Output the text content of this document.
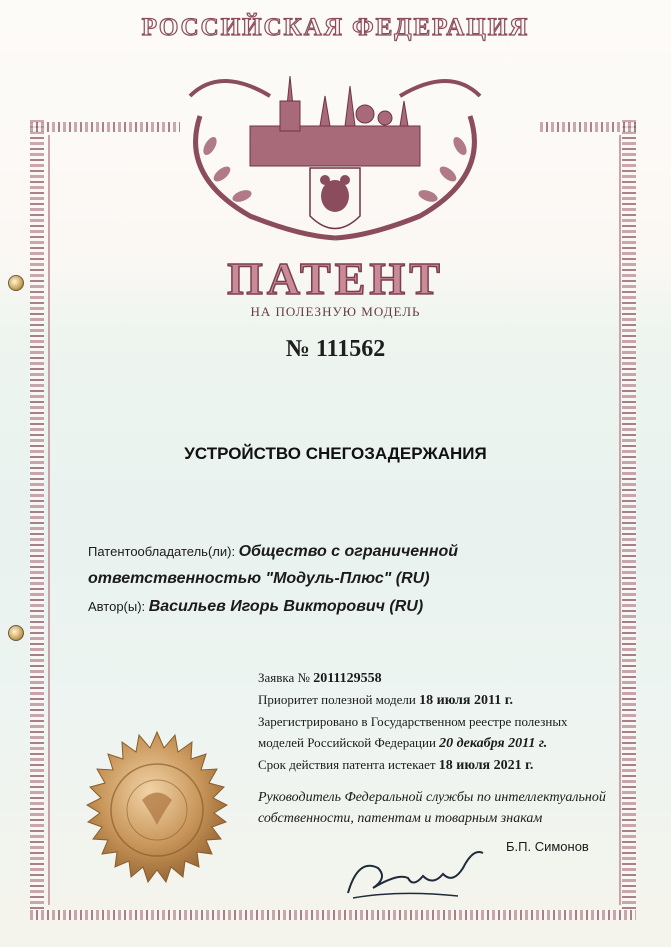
РОССИЙСКАЯ ФЕДЕРАЦИЯ
ПАТЕНТ
НА ПОЛЕЗНУЮ МОДЕЛЬ
№ 111562
УСТРОЙСТВО СНЕГОЗАДЕРЖАНИЯ
Патентообладатель(ли): Общество с ограниченной
ответственностью "Модуль-Плюс" (RU)
Автор(ы): Васильев Игорь Викторович (RU)
Заявка № 2011129558
Приоритет полезной модели 18 июля 2011 г.
Зарегистрировано в Государственном реестре полезных
моделей Российской Федерации 20 декабря 2011 г.
Срок действия патента истекает 18 июля 2021 г.
Руководитель Федеральной службы по интеллектуальной
собственности, патентам и товарным знакам
Б.П. Симонов
